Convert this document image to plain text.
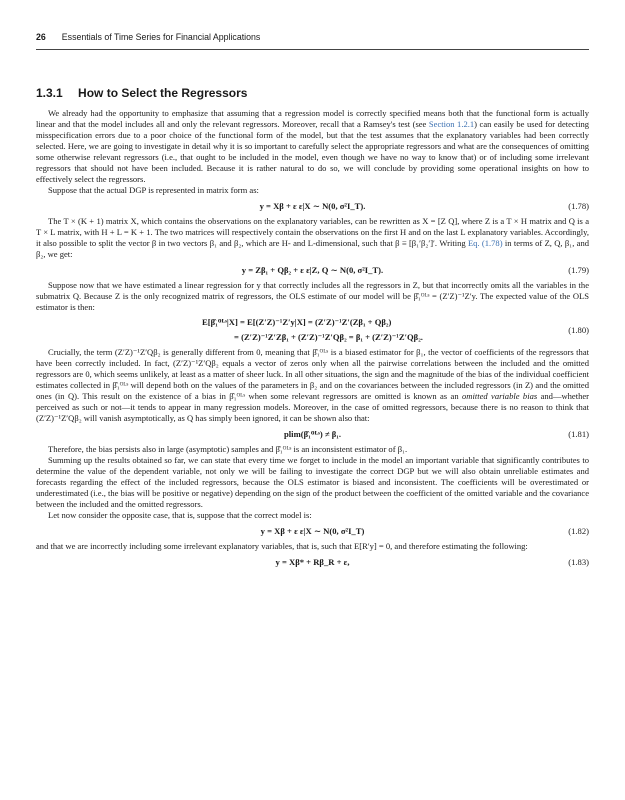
26 Essentials of Time Series for Financial Applications
1.3.1 How to Select the Regressors

We already had the opportunity to emphasize that assuming that a regression model is correctly specified means both that the functional form is actually linear and that the model includes all and only the relevant regressors. Moreover, recall that a Ramsey's test (see Section 1.2.1) can easily be used for detecting misspecification errors due to a poor choice of the functional form of the model, but that the test assumes that the explanatory variables had been correctly selected. Here, we are going to investigate in detail why it is so important to carefully select the appropriate regressors and what are the consequences of omitting some otherwise relevant regressors (i.e., that ought to be included in the model, even though we have no way to know that) or of including some irrelevant regressors that should not have been included. Because it is rather natural to do so, we will conclude by providing some operational insights on how to effectively select the regressors.

Suppose that the actual DGP is represented in matrix form as:

y = Xβ + ε ε|X ∼ N(0, σ²I_T).	(1.78)

The T × (K + 1) matrix X, which contains the observations on the explanatory variables, can be rewritten as X = [Z Q], where Z is a T × H matrix and Q is a T × L matrix, with H + L = K + 1. The two matrices will respectively contain the observations on the first H and on the last L explanatory variables. Accordingly, it also possible to split the vector β in two vectors β₁ and β₂, which are H- and L-dimensional, such that β ≡ [β₁′β₂′]′. Writing Eq. (1.78) in terms of Z, Q, β₁, and β₂, we get:

y = Zβ₁ + Qβ₂ + ε ε|Z, Q ∼ N(0, σ²I_T).	(1.79)

Suppose now that we have estimated a linear regression for y that correctly includes all the regressors in Z, but that incorrectly omits all the variables in the submatrix Q. Because Z is the only recognized matrix of regressors, the OLS estimate of our model will be β̂₁ᴼᴸˢ = (Z′Z)⁻¹Z′y. The expected value of the OLS estimator is then:

E[β̂₁ᴼᴸˢ|X] = E[(Z′Z)⁻¹Z′y|X] = (Z′Z)⁻¹Z′(Zβ₁ + Qβ₂)
= (Z′Z)⁻¹Z′Zβ₁ + (Z′Z)⁻¹Z′Qβ₂ = β₁ + (Z′Z)⁻¹Z′Qβ₂.
(1.80)

Crucially, the term (Z′Z)⁻¹Z′Qβ₂ is generally different from 0, meaning that β̂₁ᴼᴸˢ is a biased estimator for β₁, the vector of coefficients of the regressors that have been correctly included. In fact, (Z′Z)⁻¹Z′Qβ₂ equals a vector of zeros only when all the pairwise correlations between the included and the omitted regressors are 0, which seems unlikely, at least as a matter of sheer luck. In all other situations, the sign and the magnitude of the bias of the individual coefficient estimates collected in β̂₁ᴼᴸˢ will depend both on the values of the parameters in β₂ and on the covariances between the included regressors (in Z) and the omitted ones (in Q). This result on the existence of a bias in β̂₁ᴼᴸˢ when some relevant regressors are omitted is known as an omitted variable bias and—whether perceived as such or not—it tends to appear in many regression models. Moreover, in the case of omitted regressors, because there is no reason to think that (Z′Z)⁻¹Z′Qβ₂ will vanish asymptotically, as Q has simply been ignored, it can be shown also that:

plim(β̂₁ᴼᴸˢ) ≠ β₁.	(1.81)

Therefore, the bias persists also in large (asymptotic) samples and β̂₁ᴼᴸˢ is an inconsistent estimator of β₁.

Summing up the results obtained so far, we can state that every time we forget to include in the model an important variable that significantly contributes to determine the value of the dependent variable, not only we will be failing to investigate the correct DGP but we will also obtain unreliable estimates and forecasts regarding the effect of the included regressors, because the OLS estimator is biased and inconsistent. The coefficients will be overestimated or underestimated (i.e., the bias will be positive or negative) depending on the sign of the product between the coefficient of the omitted variable and the covariance between the included and the omitted regressors.

Let now consider the opposite case, that is, suppose that the correct model is:

y = Xβ + ε ε|X ∼ N(0, σ²I_T)	(1.82)

and that we are incorrectly including some irrelevant explanatory variables, that is, such that E[R′y] = 0, and therefore estimating the following:

y = Xβ* + Rβ_R + ε,	(1.83)
